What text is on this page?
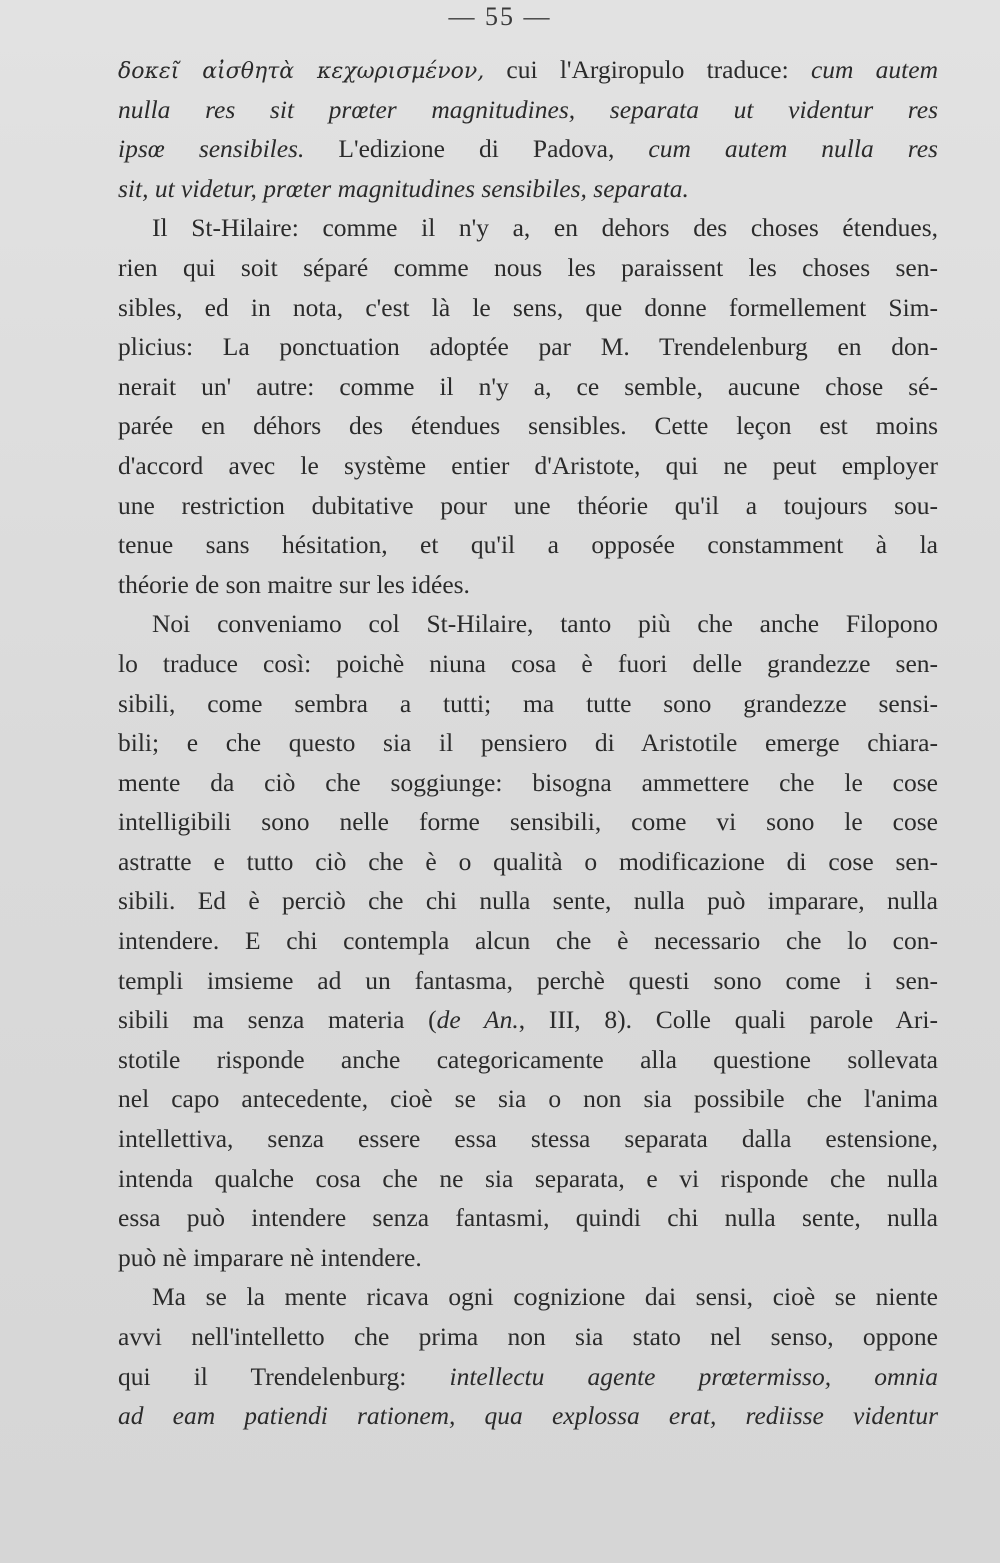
— 55 —
δοκεῖ αἰσθητὰ κεχωρισμένον, cui l'Argiropulo traduce: cum autem
nulla res sit prœter magnitudines, separata ut videntur res
ipsœ sensibiles. L'edizione di Padova, cum autem nulla res
sit, ut videtur, prœter magnitudines sensibiles, separata.
Il St-Hilaire: comme il n'y a, en dehors des choses étendues,
rien qui soit séparé comme nous les paraissent les choses sen-
sibles, ed in nota, c'est là le sens, que donne formellement Sim-
plicius: La ponctuation adoptée par M. Trendelenburg en don-
nerait un' autre: comme il n'y a, ce semble, aucune chose sé-
parée en déhors des étendues sensibles. Cette leçon est moins
d'accord avec le système entier d'Aristote, qui ne peut employer
une restriction dubitative pour une théorie qu'il a toujours sou-
tenue sans hésitation, et qu'il a opposée constamment à la
théorie de son maitre sur les idées.
Noi conveniamo col St-Hilaire, tanto più che anche Filopono
lo traduce così: poichè niuna cosa è fuori delle grandezze sen-
sibili, come sembra a tutti; ma tutte sono grandezze sensi-
bili; e che questo sia il pensiero di Aristotile emerge chiara-
mente da ciò che soggiunge: bisogna ammettere che le cose
intelligibili sono nelle forme sensibili, come vi sono le cose
astratte e tutto ciò che è o qualità o modificazione di cose sen-
sibili. Ed è perciò che chi nulla sente, nulla può imparare, nulla
intendere. E chi contempla alcun che è necessario che lo con-
templi imsieme ad un fantasma, perchè questi sono come i sen-
sibili ma senza materia (de An., III, 8). Colle quali parole Ari-
stotile risponde anche categoricamente alla questione sollevata
nel capo antecedente, cioè se sia o non sia possibile che l'anima
intellettiva, senza essere essa stessa separata dalla estensione,
intenda qualche cosa che ne sia separata, e vi risponde che nulla
essa può intendere senza fantasmi, quindi chi nulla sente, nulla
può nè imparare nè intendere.
Ma se la mente ricava ogni cognizione dai sensi, cioè se niente
avvi nell'intelletto che prima non sia stato nel senso, oppone
qui il Trendelenburg: intellectu agente prœtermisso, omnia
ad eam patiendi rationem, qua explossa erat, rediisse videntur
